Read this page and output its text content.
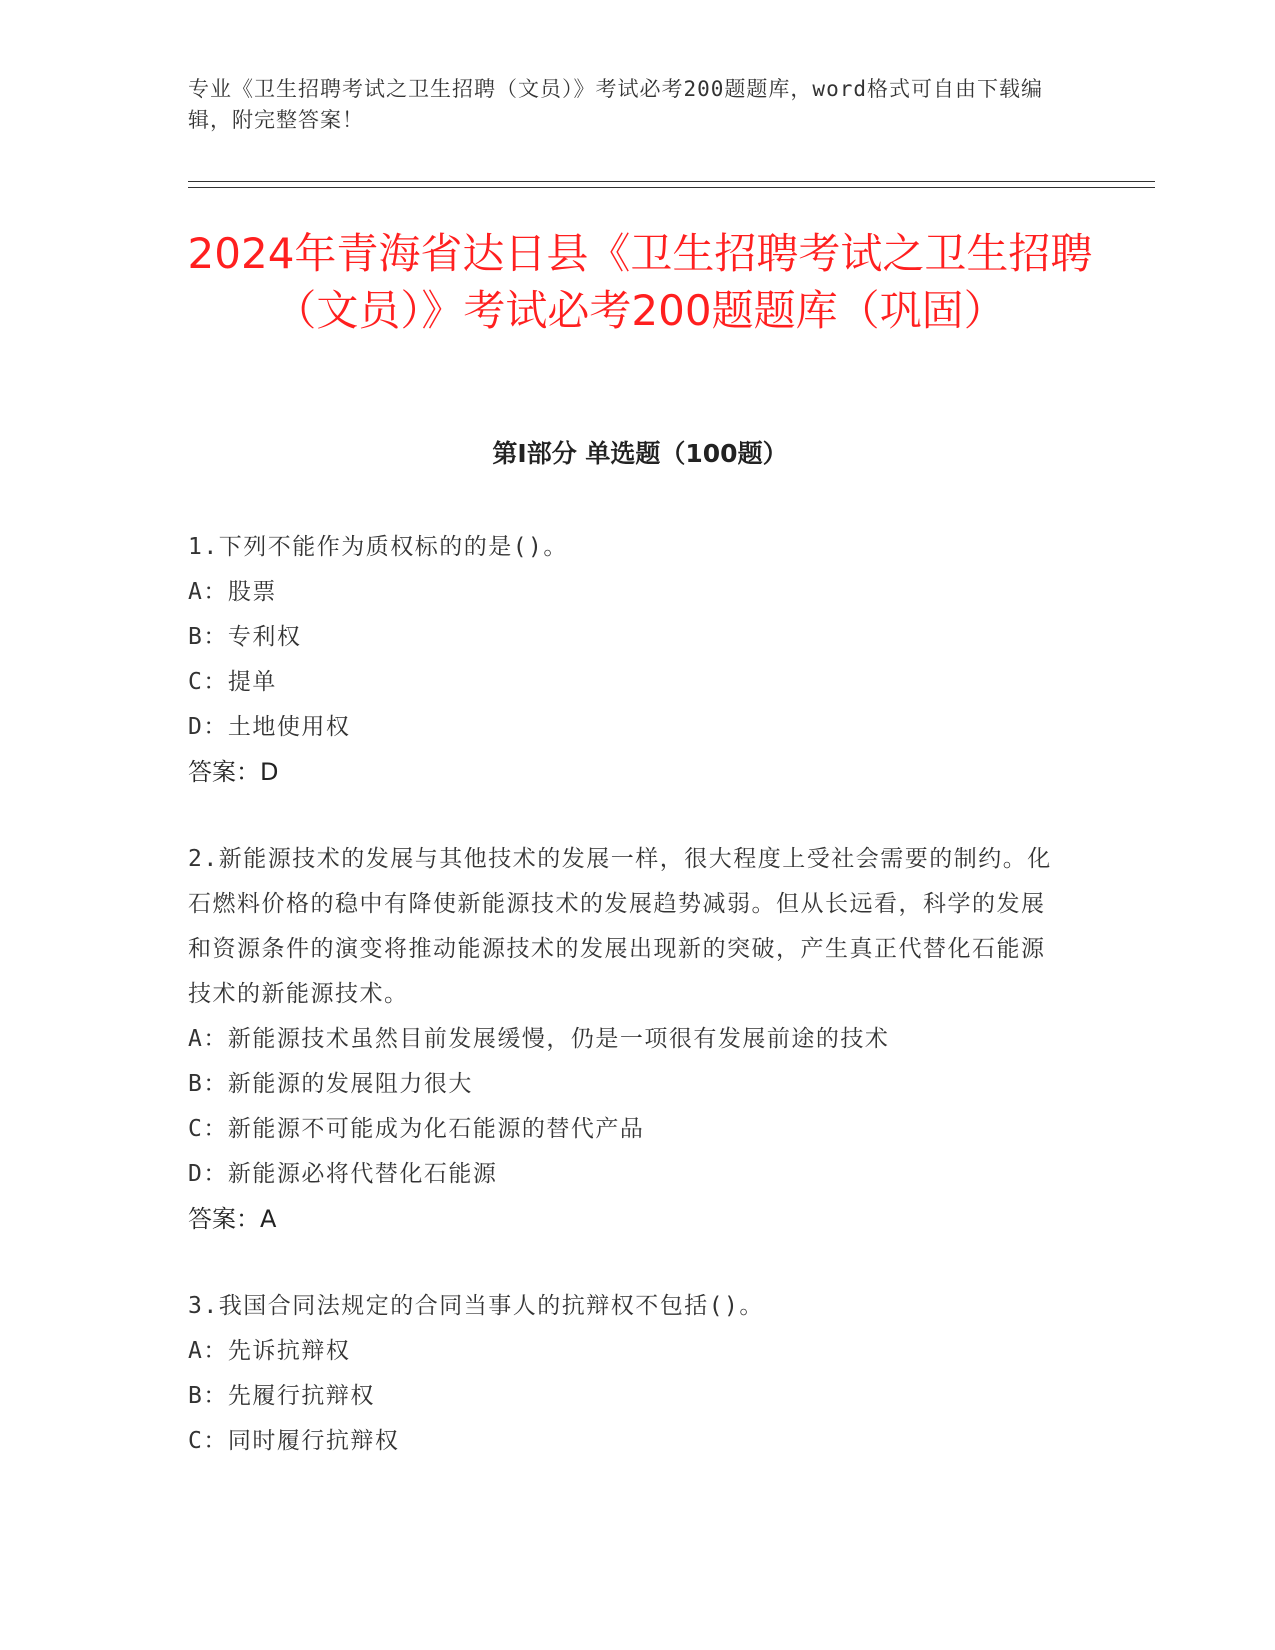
专业《卫生招聘考试之卫生招聘（文员）》考试必考200题题库，word格式可自由下载编辑，附完整答案！

2024年青海省达日县《卫生招聘考试之卫生招聘（文员）》考试必考200题题库（巩固）
第Ⅰ部分 单选题（100题）

1.下列不能作为质权标的的是()。

A：股票

B：专利权

C：提单

D：土地使用权

答案：D

2.新能源技术的发展与其他技术的发展一样，很大程度上受社会需要的制约。化石燃料价格的稳中有降使新能源技术的发展趋势减弱。但从长远看，科学的发展和资源条件的演变将推动能源技术的发展出现新的突破，产生真正代替化石能源技术的新能源技术。

A：新能源技术虽然目前发展缓慢，仍是一项很有发展前途的技术

B：新能源的发展阻力很大

C：新能源不可能成为化石能源的替代产品

D：新能源必将代替化石能源

答案：A

3.我国合同法规定的合同当事人的抗辩权不包括()。

A：先诉抗辩权

B：先履行抗辩权

C：同时履行抗辩权
